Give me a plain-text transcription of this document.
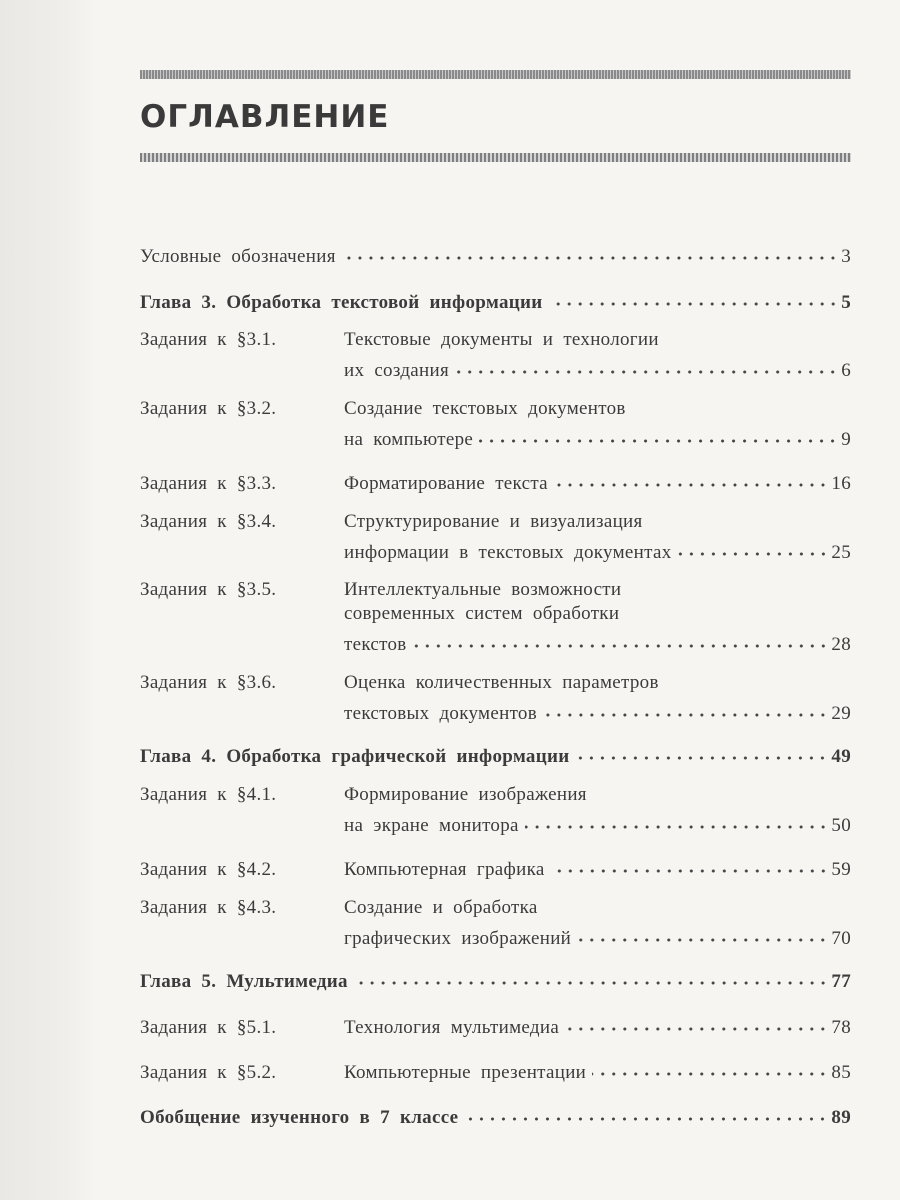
ОГЛАВЛЕНИЕ
Условные обозначения	3
Глава 3. Обработка текстовой информации	5
Задания к §3.1.	Текстовые документы и технологии
их создания	6
Задания к §3.2.	Создание текстовых документов
на компьютере	9
Задания к §3.3.	Форматирование текста	16
Задания к §3.4.	Структурирование и визуализация
информации в текстовых документах	25
Задания к §3.5.	Интеллектуальные возможности
современных систем обработки
текстов	28
Задания к §3.6.	Оценка количественных параметров
текстовых документов	29
Глава 4. Обработка графической информации	49
Задания к §4.1.	Формирование изображения
на экране монитора	50
Задания к §4.2.	Компьютерная графика	59
Задания к §4.3.	Создание и обработка
графических изображений	70
Глава 5. Мультимедиа	77
Задания к §5.1.	Технология мультимедиа	78
Задания к §5.2.	Компьютерные презентации	85
Обобщение изученного в 7 классе	89
